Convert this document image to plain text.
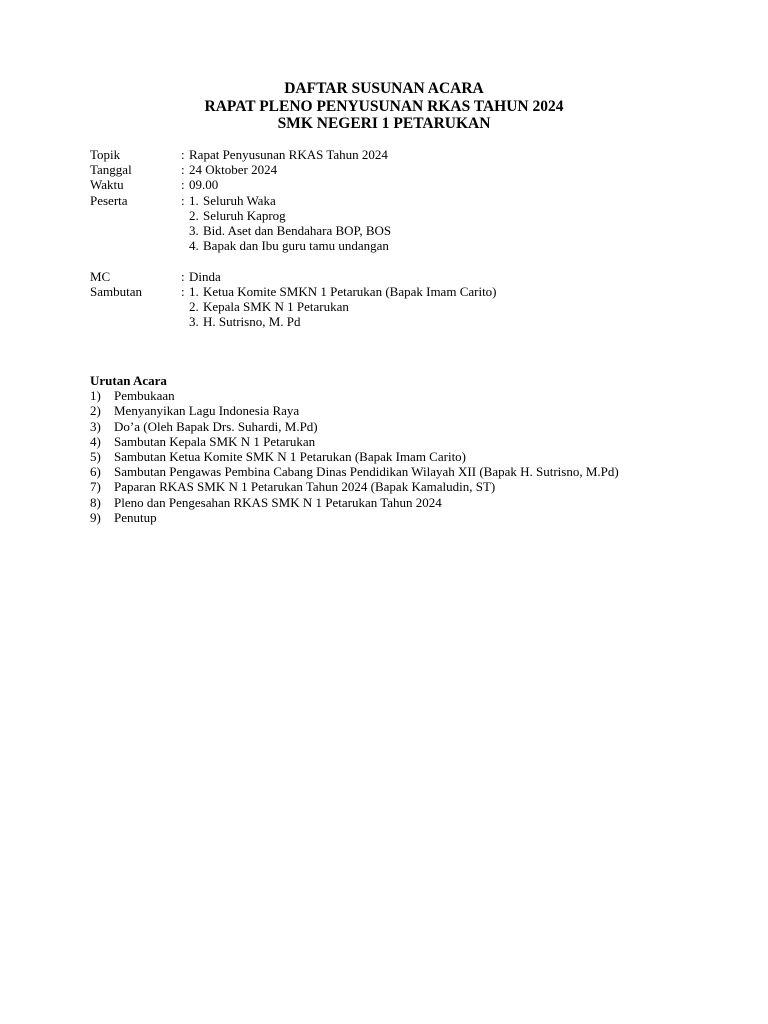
DAFTAR SUSUNAN ACARA
RAPAT PLENO PENYUSUNAN RKAS TAHUN 2024
SMK NEGERI 1 PETARUKAN
Topik	: Rapat Penyusunan RKAS Tahun 2024
Tanggal	: 24 Oktober 2024
Waktu	: 09.00
Peserta	: 1. Seluruh Waka
2. Seluruh Kaprog
3. Bid. Aset dan Bendahara BOP, BOS
4. Bapak dan Ibu guru tamu undangan
MC	: Dinda
Sambutan	: 1. Ketua Komite SMKN 1 Petarukan (Bapak Imam Carito)
2. Kepala SMK N 1 Petarukan
3. H. Sutrisno, M. Pd
Urutan Acara
1)	Pembukaan
2)	Menyanyikan Lagu Indonesia Raya
3)	Do’a (Oleh Bapak Drs. Suhardi, M.Pd)
4)	Sambutan Kepala SMK N 1 Petarukan
5)	Sambutan Ketua Komite SMK N 1 Petarukan (Bapak Imam Carito)
6)	Sambutan Pengawas Pembina Cabang Dinas Pendidikan Wilayah XII (Bapak H. Sutrisno, M.Pd)
7)	Paparan RKAS SMK N 1 Petarukan Tahun 2024 (Bapak Kamaludin, ST)
8)	Pleno dan Pengesahan RKAS SMK N 1 Petarukan Tahun 2024
9)	Penutup
